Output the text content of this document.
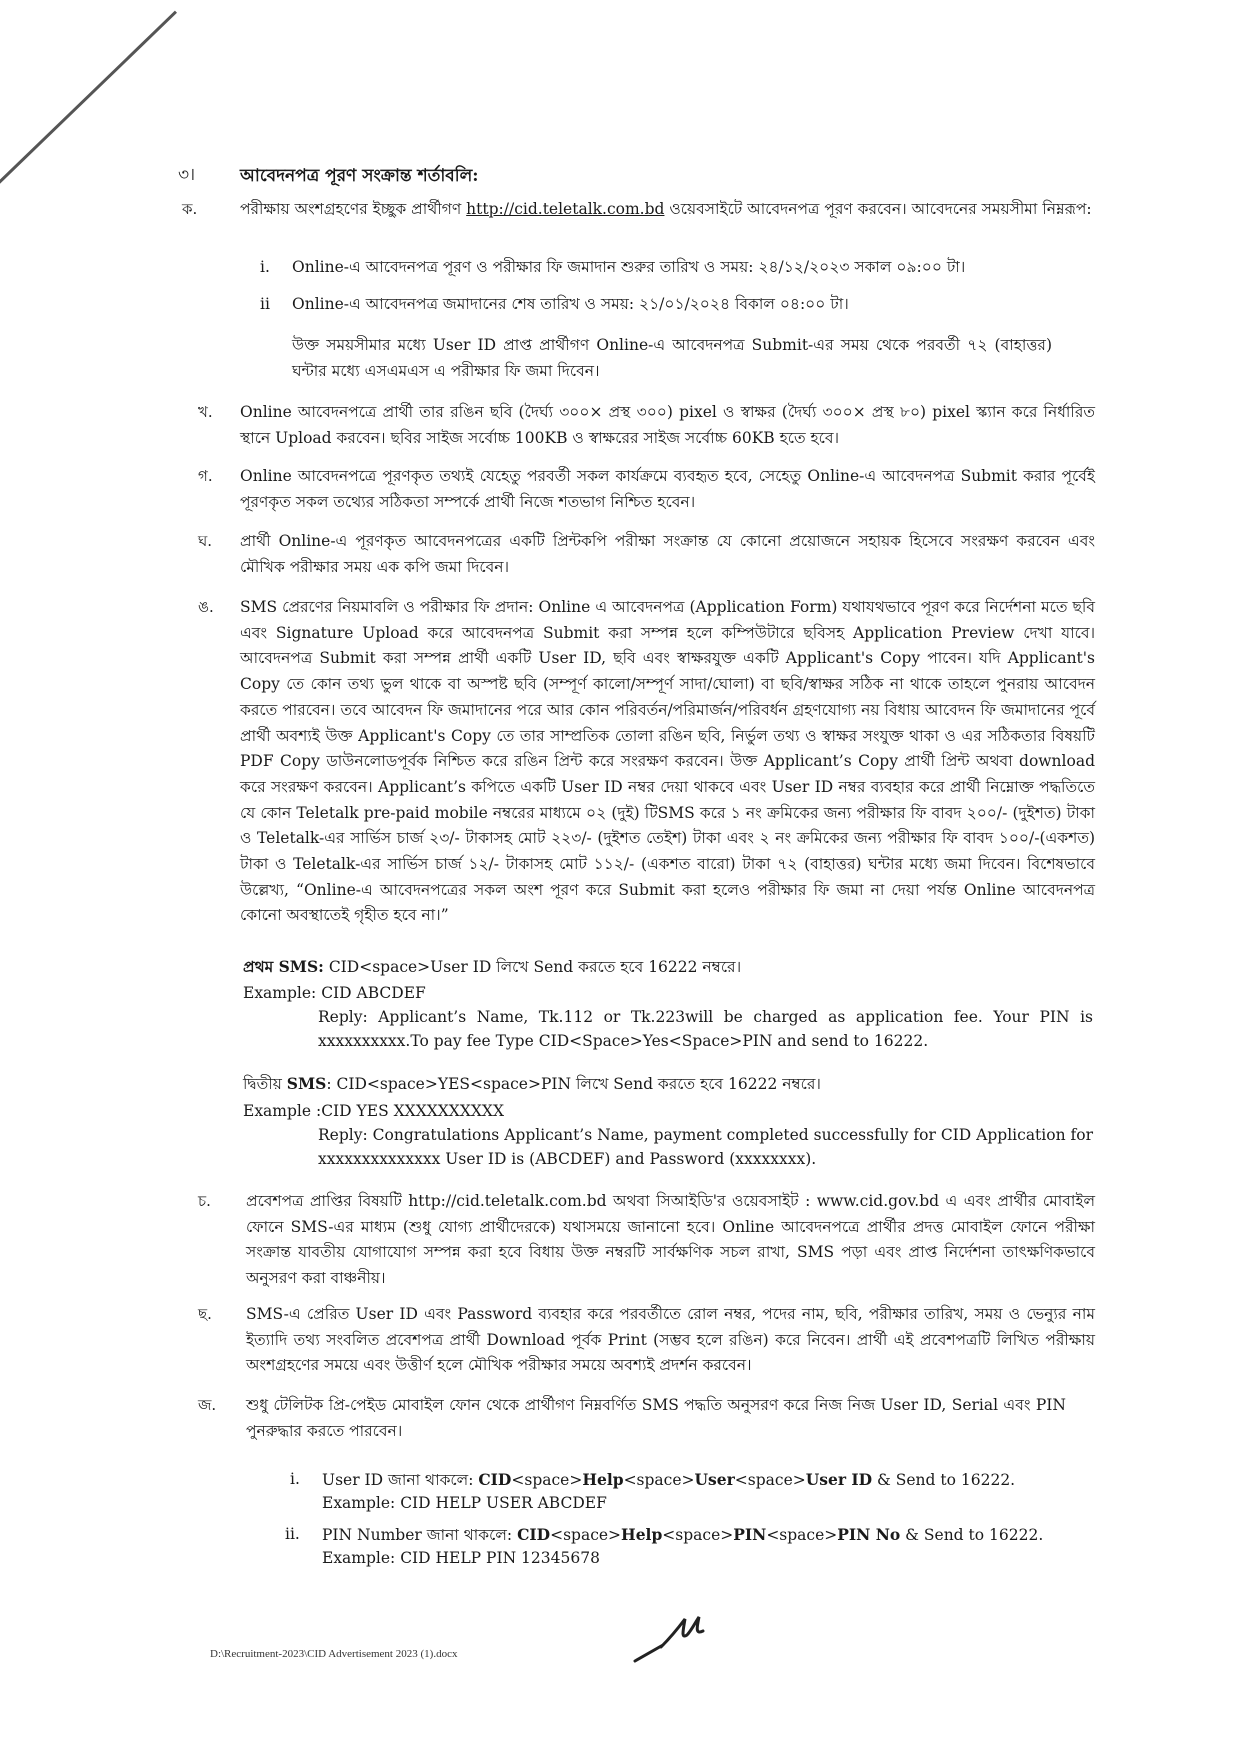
৩।	আবেদনপত্র পূরণ সংক্রান্ত শর্তাবলি:
ক.	পরীক্ষায় অংশগ্রহণের ইচ্ছুক প্রার্থীগণ http://cid.teletalk.com.bd ওয়েবসাইটে আবেদনপত্র পূরণ করবেন। আবেদনের সময়সীমা নিম্নরূপ:
i. Online-এ আবেদনপত্র পূরণ ও পরীক্ষার ফি জমাদান শুরুর তারিখ ও সময়: ২৪/১২/২০২৩ সকাল ০৯:০০ টা।
ii Online-এ আবেদনপত্র জমাদানের শেষ তারিখ ও সময়: ২১/০১/২০২৪ বিকাল ০৪:০০ টা।
উক্ত সময়সীমার মধ্যে User ID প্রাপ্ত প্রার্থীগণ Online-এ আবেদনপত্র Submit-এর সময় থেকে পরবর্তী ৭২ (বাহাত্তর) ঘন্টার মধ্যে এসএমএস এ পরীক্ষার ফি জমা দিবেন।
খ. Online আবেদনপত্রে প্রার্থী তার রঙিন ছবি (দৈর্ঘ্য ৩০০× প্রস্থ ৩০০) pixel ও স্বাক্ষর (দৈর্ঘ্য ৩০০× প্রস্থ ৮০) pixel স্ক্যান করে নির্ধারিত স্থানে Upload করবেন। ছবির সাইজ সর্বোচ্চ 100KB ও স্বাক্ষরের সাইজ সর্বোচ্চ 60KB হতে হবে।
গ. Online আবেদনপত্রে পূরণকৃত তথ্যই যেহেতু পরবর্তী সকল কার্যক্রমে ব্যবহৃত হবে, সেহেতু Online-এ আবেদনপত্র Submit করার পূর্বেই পূরণকৃত সকল তথ্যের সঠিকতা সম্পর্কে প্রার্থী নিজে শতভাগ নিশ্চিত হবেন।
ঘ. প্রার্থী Online-এ পূরণকৃত আবেদনপত্রের একটি প্রিন্টকপি পরীক্ষা সংক্রান্ত যে কোনো প্রয়োজনে সহায়ক হিসেবে সংরক্ষণ করবেন এবং মৌখিক পরীক্ষার সময় এক কপি জমা দিবেন।
ঙ. SMS প্রেরণের নিয়মাবলি ও পরীক্ষার ফি প্রদান: Online এ আবেদনপত্র (Application Form) যথাযথভাবে পূরণ করে নির্দেশনা মতে ছবি এবং Signature Upload করে আবেদনপত্র Submit করা সম্পন্ন হলে কম্পিউটারে ছবিসহ Application Preview দেখা যাবে। আবেদনপত্র Submit করা সম্পন্ন প্রার্থী একটি User ID, ছবি এবং স্বাক্ষরযুক্ত একটি Applicant's Copy পাবেন। যদি Applicant's Copy তে কোন তথ্য ভুল থাকে বা অস্পষ্ট ছবি (সম্পূর্ণ কালো/সম্পূর্ণ সাদা/ঘোলা) বা ছবি/স্বাক্ষর সঠিক না থাকে তাহলে পুনরায় আবেদন করতে পারবেন। তবে আবেদন ফি জমাদানের পরে আর কোন পরিবর্তন/পরিমার্জন/পরিবর্ধন গ্রহণযোগ্য নয় বিধায় আবেদন ফি জমাদানের পূর্বে প্রার্থী অবশ্যই উক্ত Applicant's Copy তে তার সাম্প্রতিক তোলা রঙিন ছবি, নির্ভুল তথ্য ও স্বাক্ষর সংযুক্ত থাকা ও এর সঠিকতার বিষয়টি PDF Copy ডাউনলোডপূর্বক নিশ্চিত করে রঙিন প্রিন্ট করে সংরক্ষণ করবেন। উক্ত Applicant’s Copy প্রার্থী প্রিন্ট অথবা download করে সংরক্ষণ করবেন। Applicant’s কপিতে একটি User ID নম্বর দেয়া থাকবে এবং User ID নম্বর ব্যবহার করে প্রার্থী নিম্নোক্ত পদ্ধতিতে যে কোন Teletalk pre-paid mobile নম্বরের মাধ্যমে ০২ (দুই) টিSMS করে ১ নং ক্রমিকের জন্য পরীক্ষার ফি বাবদ ২০০/- (দুইশত) টাকা ও Teletalk-এর সার্ভিস চার্জ ২৩/- টাকাসহ মোট ২২৩/- (দুইশত তেইশ) টাকা এবং ২ নং ক্রমিকের জন্য পরীক্ষার ফি বাবদ ১০০/-(একশত) টাকা ও Teletalk-এর সার্ভিস চার্জ ১২/- টাকাসহ মোট ১১২/- (একশত বারো) টাকা ৭২ (বাহাত্তর) ঘন্টার মধ্যে জমা দিবেন। বিশেষভাবে উল্লেখ্য, “Online-এ আবেদনপত্রের সকল অংশ পূরণ করে Submit করা হলেও পরীক্ষার ফি জমা না দেয়া পর্যন্ত Online আবেদনপত্র কোনো অবস্থাতেই গৃহীত হবে না।”
প্রথম SMS: CID<space>User ID লিখে Send করতে হবে 16222 নম্বরে।
Example: CID ABCDEF
Reply: Applicant’s Name, Tk.112 or Tk.223will be charged as application fee. Your PIN is xxxxxxxxxx.To pay fee Type CID<Space>Yes<Space>PIN and send to 16222.
দ্বিতীয় SMS: CID<space>YES<space>PIN লিখে Send করতে হবে 16222 নম্বরে।
Example :CID YES XXXXXXXXXX
Reply: Congratulations Applicant’s Name, payment completed successfully for CID Application for xxxxxxxxxxxxxx User ID is (ABCDEF) and Password (xxxxxxxx).
চ. প্রবেশপত্র প্রাপ্তির বিষয়টি http://cid.teletalk.com.bd অথবা সিআইডি'র ওয়েবসাইট : www.cid.gov.bd এ এবং প্রার্থীর মোবাইল ফোনে SMS-এর মাধ্যম (শুধু যোগ্য প্রার্থীদেরকে) যথাসময়ে জানানো হবে। Online আবেদনপত্রে প্রার্থীর প্রদত্ত মোবাইল ফোনে পরীক্ষা সংক্রান্ত যাবতীয় যোগাযোগ সম্পন্ন করা হবে বিধায় উক্ত নম্বরটি সার্বক্ষণিক সচল রাখা, SMS পড়া এবং প্রাপ্ত নির্দেশনা তাৎক্ষণিকভাবে অনুসরণ করা বাঞ্চনীয়।
ছ. SMS-এ প্রেরিত User ID এবং Password ব্যবহার করে পরবর্তীতে রোল নম্বর, পদের নাম, ছবি, পরীক্ষার তারিখ, সময় ও ভেন্যুর নাম ইত্যাদি তথ্য সংবলিত প্রবেশপত্র প্রার্থী Download পূর্বক Print (সম্ভব হলে রঙিন) করে নিবেন। প্রার্থী এই প্রবেশপত্রটি লিখিত পরীক্ষায় অংশগ্রহণের সময়ে এবং উত্তীর্ণ হলে মৌখিক পরীক্ষার সময়ে অবশ্যই প্রদর্শন করবেন।
জ. শুধু টেলিটক প্রি-পেইড মোবাইল ফোন থেকে প্রার্থীগণ নিম্নবর্ণিত SMS পদ্ধতি অনুসরণ করে নিজ নিজ User ID, Serial এবং PIN পুনরুদ্ধার করতে পারবেন।
i. User ID জানা থাকলে: CID<space>Help<space>User<space>User ID & Send to 16222.
Example: CID HELP USER ABCDEF
ii. PIN Number জানা থাকলে: CID<space>Help<space>PIN<space>PIN No & Send to 16222.
Example: CID HELP PIN 12345678
D:\Recruitment-2023\CID Advertisement 2023 (1).docx
